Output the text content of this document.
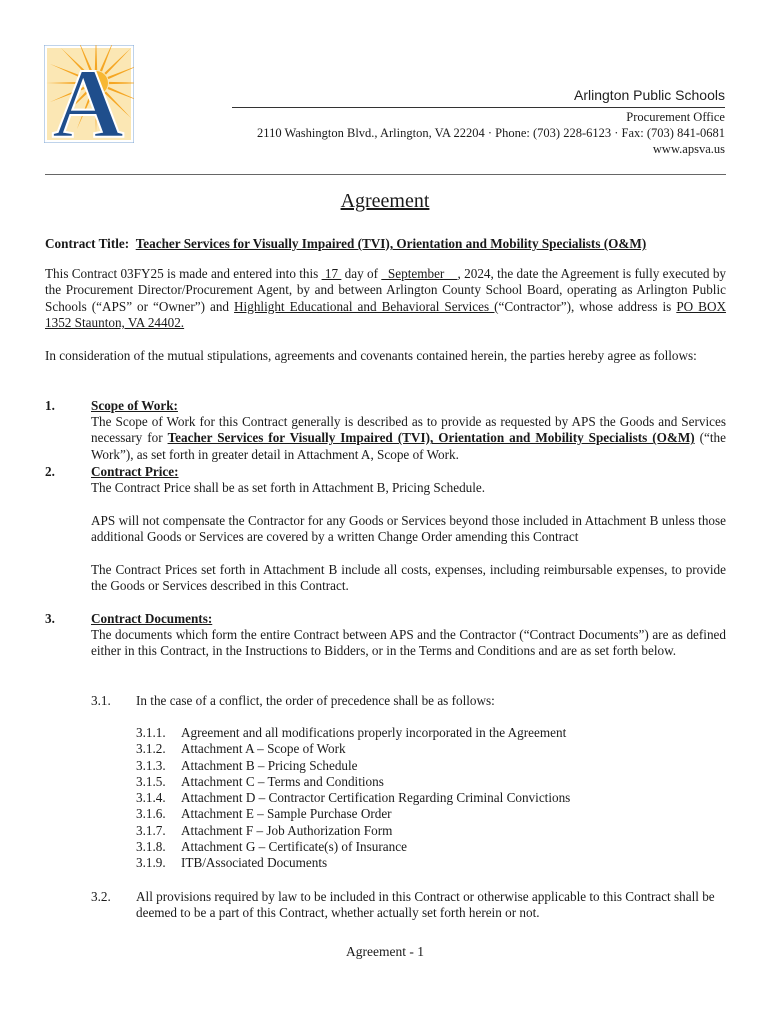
A	Arlington Public Schools
Procurement Office
2110 Washington Blvd., Arlington, VA 22204 · Phone: (703) 228-6123 · Fax: (703) 841-0681
www.apsva.us
Agreement
Contract Title: Teacher Services for Visually Impaired (TVI), Orientation and Mobility Specialists (O&M)
This Contract 03FY25 is made and entered into this  17  day of   September    , 2024, the date the Agreement is fully executed by the Procurement Director/Procurement Agent, by and between Arlington County School Board, operating as Arlington Public Schools (“APS” or “Owner”) and Highlight Educational and Behavioral Services (“Contractor”), whose address is PO BOX 1352 Staunton, VA 24402.
In consideration of the mutual stipulations, agreements and covenants contained herein, the parties hereby agree as follows:
1.	Scope of Work:
The Scope of Work for this Contract generally is described as to provide as requested by APS the Goods and Services necessary for Teacher Services for Visually Impaired (TVI), Orientation and Mobility Specialists (O&M) (“the Work”), as set forth in greater detail in Attachment A, Scope of Work.
2.	Contract Price:
The Contract Price shall be as set forth in Attachment B, Pricing Schedule.
APS will not compensate the Contractor for any Goods or Services beyond those included in Attachment B unless those additional Goods or Services are covered by a written Change Order amending this Contract
The Contract Prices set forth in Attachment B include all costs, expenses, including reimbursable expenses, to provide the Goods or Services described in this Contract.
3.	Contract Documents:
The documents which form the entire Contract between APS and the Contractor (“Contract Documents”) are as defined either in this Contract, in the Instructions to Bidders, or in the Terms and Conditions and are as set forth below.
3.1. In the case of a conflict, the order of precedence shall be as follows:
3.1.1. Agreement and all modifications properly incorporated in the Agreement
3.1.2. Attachment A – Scope of Work
3.1.3. Attachment B – Pricing Schedule
3.1.5. Attachment C – Terms and Conditions
3.1.4. Attachment D – Contractor Certification Regarding Criminal Convictions
3.1.6. Attachment E – Sample Purchase Order
3.1.7. Attachment F – Job Authorization Form
3.1.8. Attachment G – Certificate(s) of Insurance
3.1.9. ITB/Associated Documents
3.2. All provisions required by law to be included in this Contract or otherwise applicable to this Contract shall be deemed to be a part of this Contract, whether actually set forth herein or not.
Agreement - 1
